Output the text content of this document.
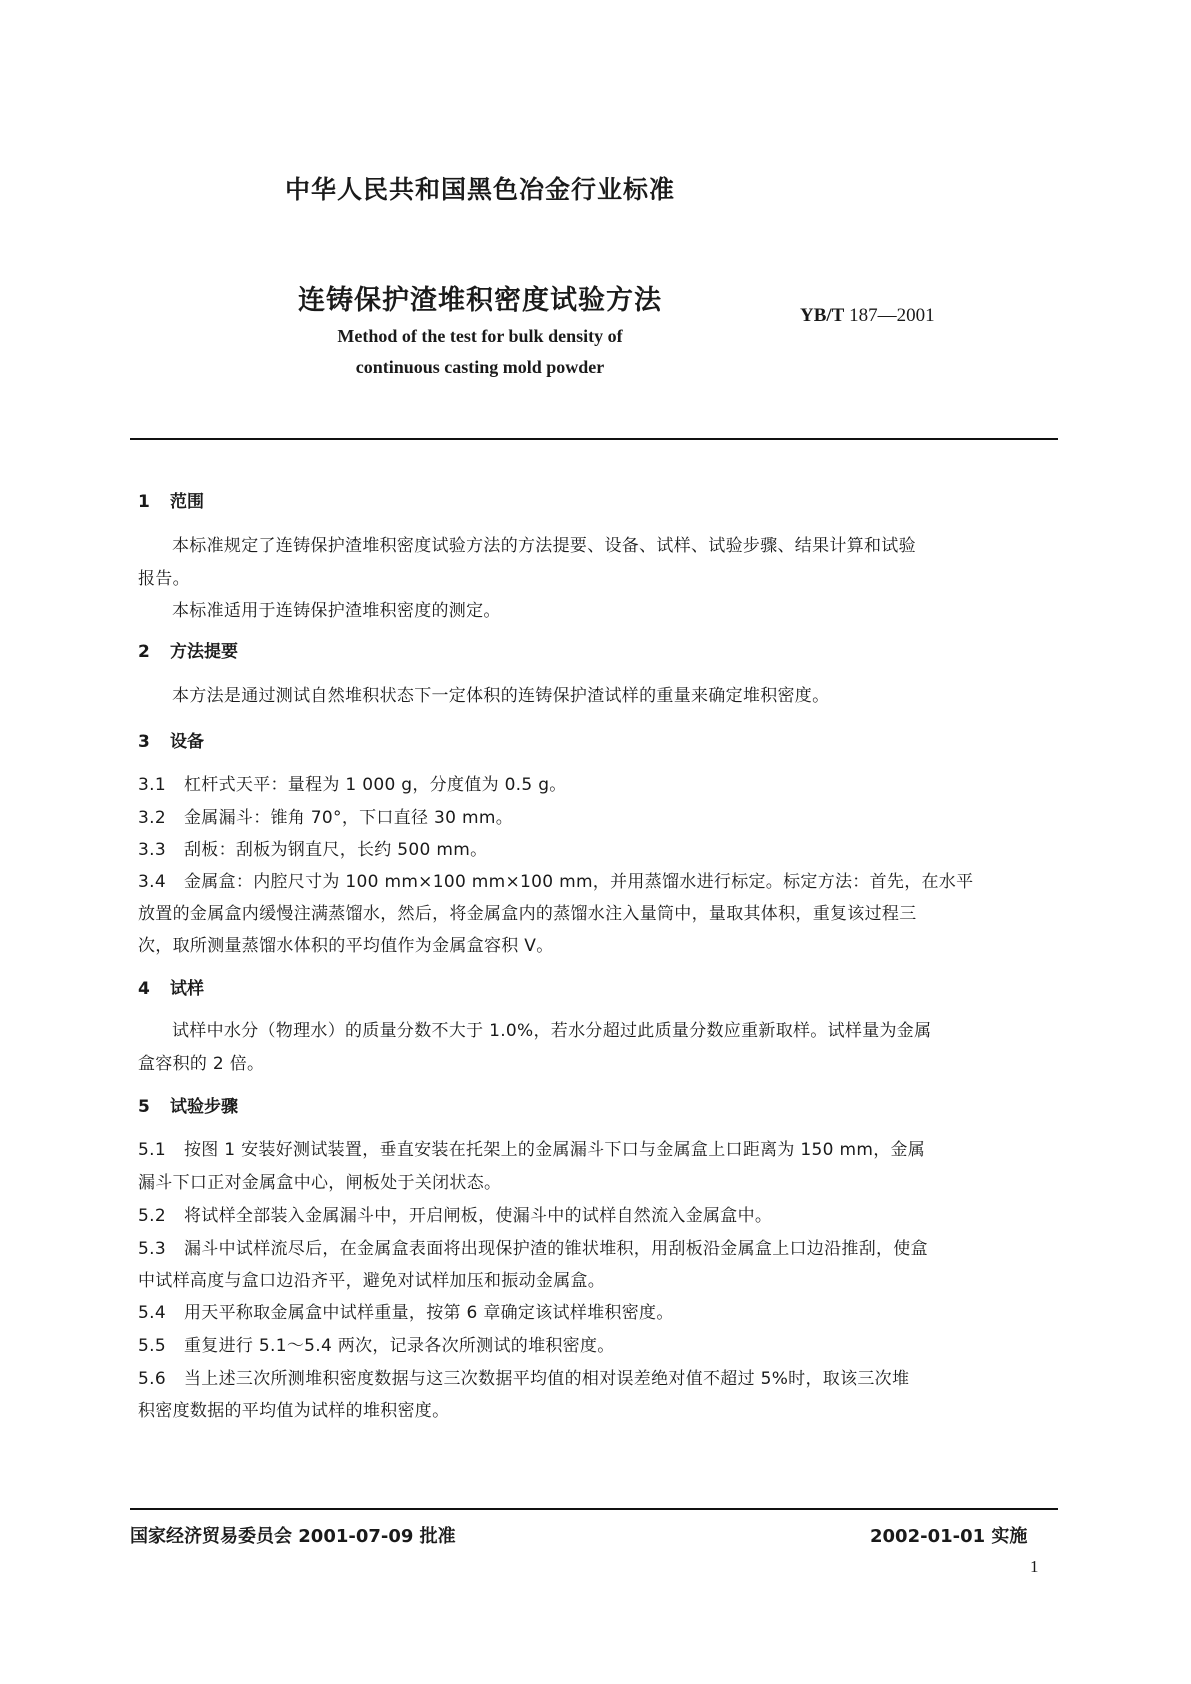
中华人民共和国黑色冶金行业标准
连铸保护渣堆积密度试验方法	YB/T 187—2001
Method of the test for bulk density of
continuous casting mold powder
1 范围
本标准规定了连铸保护渣堆积密度试验方法的方法提要、设备、试样、试验步骤、结果计算和试验
报告。
本标准适用于连铸保护渣堆积密度的测定。
2 方法提要
本方法是通过测试自然堆积状态下一定体积的连铸保护渣试样的重量来确定堆积密度。
3 设备
3.1 杠杆式天平：量程为 1 000 g，分度值为 0.5 g。
3.2 金属漏斗：锥角 70°，下口直径 30 mm。
3.3 刮板：刮板为钢直尺，长约 500 mm。
3.4 金属盒：内腔尺寸为 100 mm×100 mm×100 mm，并用蒸馏水进行标定。标定方法：首先，在水平
放置的金属盒内缓慢注满蒸馏水，然后，将金属盒内的蒸馏水注入量筒中，量取其体积，重复该过程三
次，取所测量蒸馏水体积的平均值作为金属盒容积 V。
4 试样
试样中水分（物理水）的质量分数不大于 1.0%，若水分超过此质量分数应重新取样。试样量为金属
盒容积的 2 倍。
5 试验步骤
5.1 按图 1 安装好测试装置，垂直安装在托架上的金属漏斗下口与金属盒上口距离为 150 mm，金属
漏斗下口正对金属盒中心，闸板处于关闭状态。
5.2 将试样全部装入金属漏斗中，开启闸板，使漏斗中的试样自然流入金属盒中。
5.3 漏斗中试样流尽后，在金属盒表面将出现保护渣的锥状堆积，用刮板沿金属盒上口边沿推刮，使盒
中试样高度与盒口边沿齐平，避免对试样加压和振动金属盒。
5.4 用天平称取金属盒中试样重量，按第 6 章确定该试样堆积密度。
5.5 重复进行 5.1～5.4 两次，记录各次所测试的堆积密度。
5.6 当上述三次所测堆积密度数据与这三次数据平均值的相对误差绝对值不超过 5%时，取该三次堆
积密度数据的平均值为试样的堆积密度。
国家经济贸易委员会 2001-07-09 批准	2002-01-01 实施
1
